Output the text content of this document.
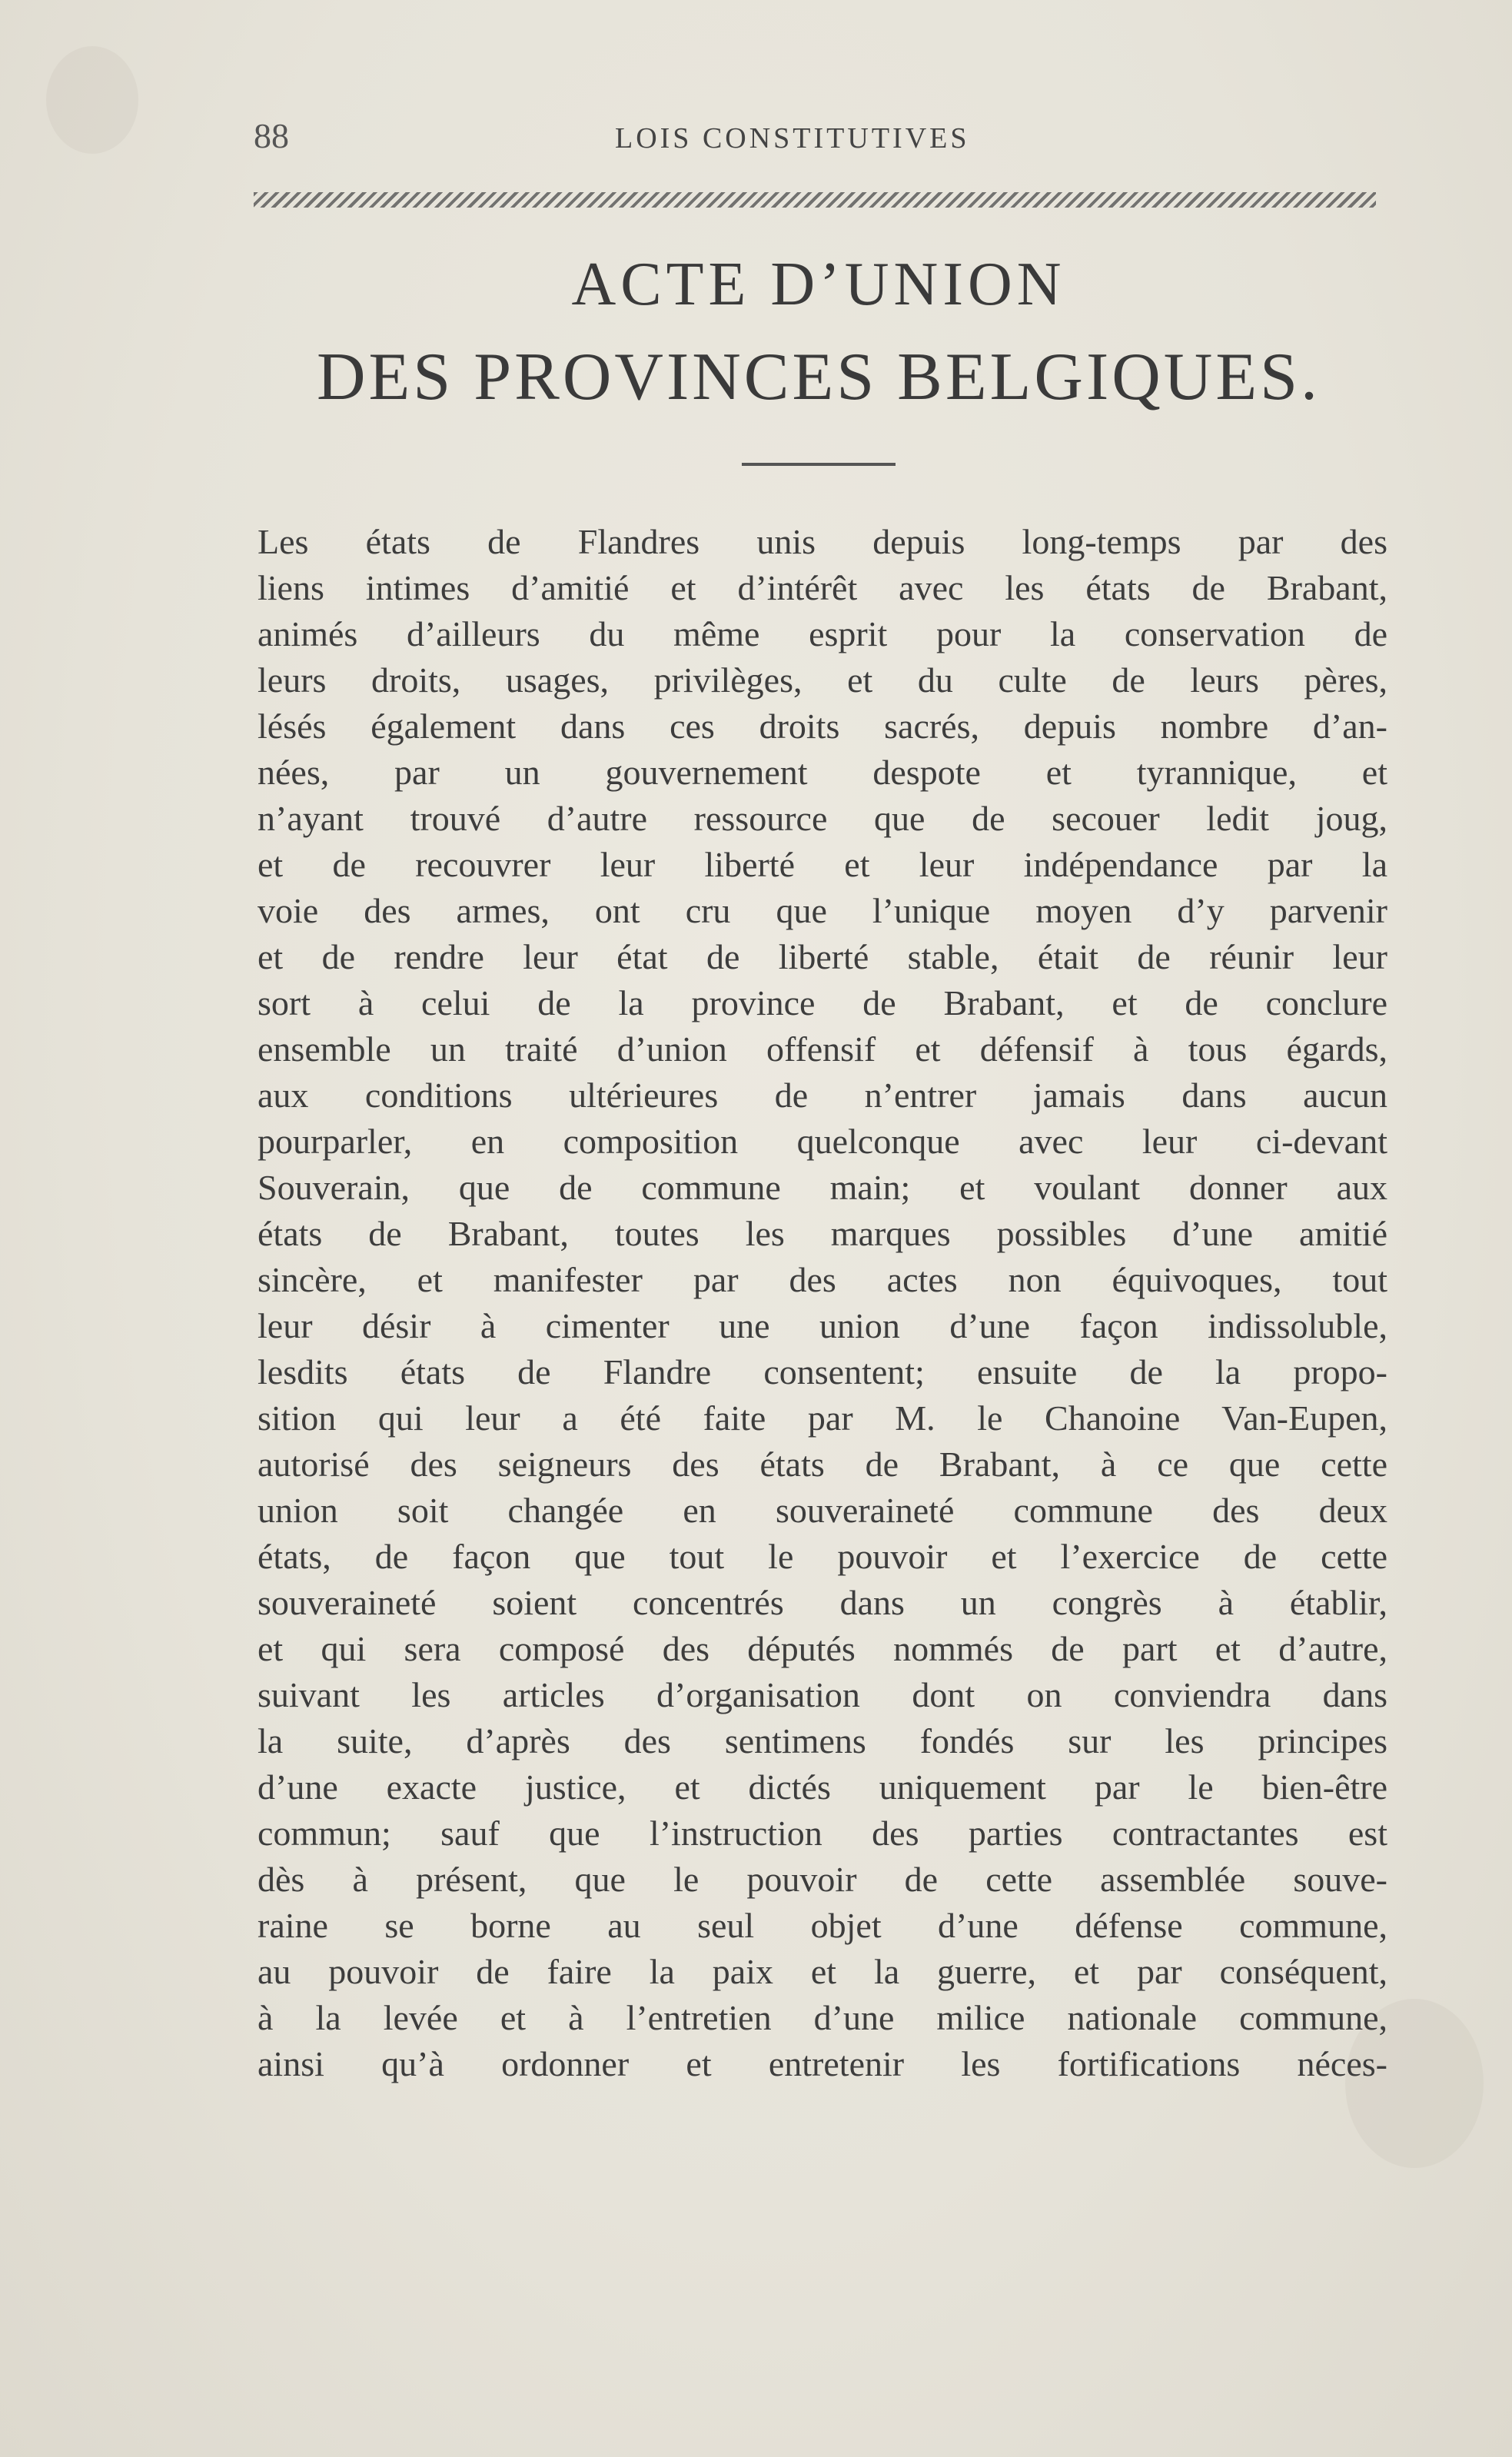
88	LOIS CONSTITUTIVES
ACTE D’UNION
DES PROVINCES BELGIQUES.
Les états de Flandres unis depuis long-temps par des
liens intimes d’amitié et d’intérêt avec les états de Brabant,
animés d’ailleurs du même esprit pour la conservation de
leurs droits, usages, privilèges, et du culte de leurs pères,
lésés également dans ces droits sacrés, depuis nombre d’an-
nées, par un gouvernement despote et tyrannique, et
n’ayant trouvé d’autre ressource que de secouer ledit joug,
et de recouvrer leur liberté et leur indépendance par la
voie des armes, ont cru que l’unique moyen d’y parvenir
et de rendre leur état de liberté stable, était de réunir leur
sort à celui de la province de Brabant, et de conclure
ensemble un traité d’union offensif et défensif à tous égards,
aux conditions ultérieures de n’entrer jamais dans aucun
pourparler, en composition quelconque avec leur ci-devant
Souverain, que de commune main; et voulant donner aux
états de Brabant, toutes les marques possibles d’une amitié
sincère, et manifester par des actes non équivoques, tout
leur désir à cimenter une union d’une façon indissoluble,
lesdits états de Flandre consentent; ensuite de la propo-
sition qui leur a été faite par M. le Chanoine Van-Eupen,
autorisé des seigneurs des états de Brabant, à ce que cette
union soit changée en souveraineté commune des deux
états, de façon que tout le pouvoir et l’exercice de cette
souveraineté soient concentrés dans un congrès à établir,
et qui sera composé des députés nommés de part et d’autre,
suivant les articles d’organisation dont on conviendra dans
la suite, d’après des sentimens fondés sur les principes
d’une exacte justice, et dictés uniquement par le bien-être
commun; sauf que l’instruction des parties contractantes est
dès à présent, que le pouvoir de cette assemblée souve-
raine se borne au seul objet d’une défense commune,
au pouvoir de faire la paix et la guerre, et par conséquent,
à la levée et à l’entretien d’une milice nationale commune,
ainsi qu’à ordonner et entretenir les fortifications néces-
